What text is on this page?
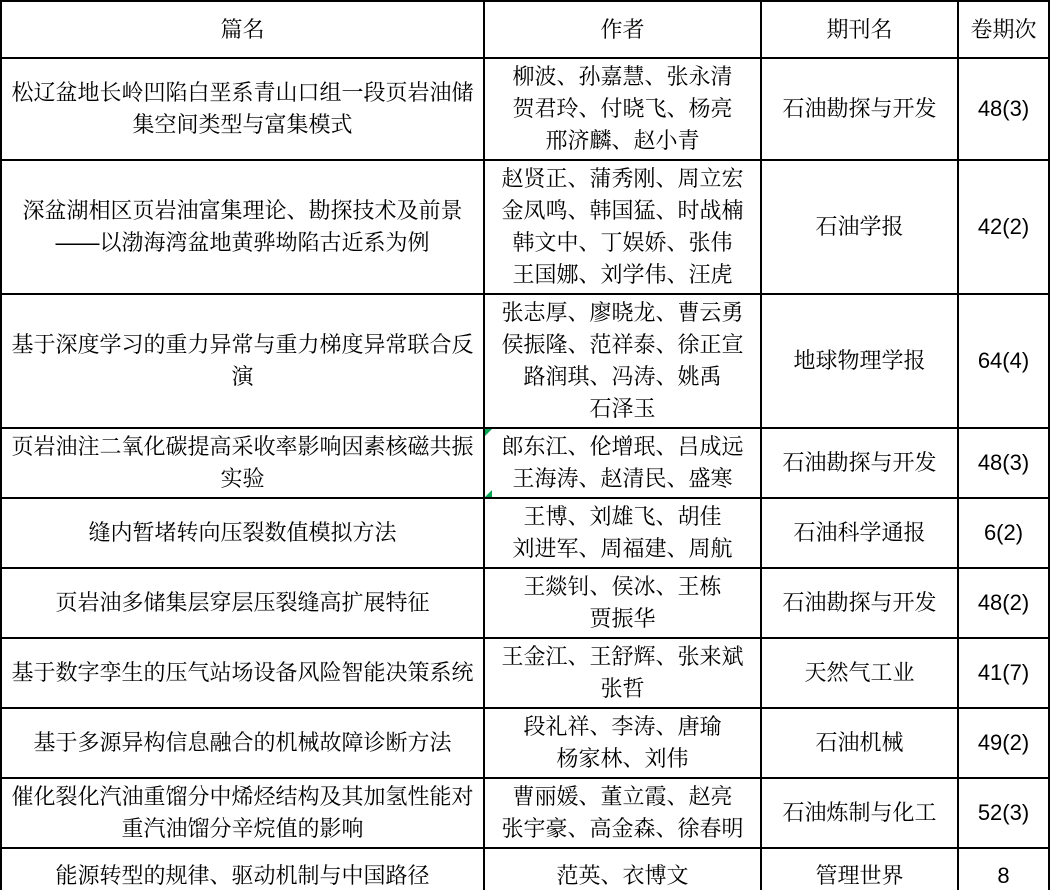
篇名	作者	期刊名	卷期次
松辽盆地长岭凹陷白垩系青山口组一段页岩油储集空间类型与富集模式	柳波、孙嘉慧、张永清
贺君玲、付晓飞、杨亮
邢济麟、赵小青	石油勘探与开发	48(3)
深盆湖相区页岩油富集理论、勘探技术及前景——以渤海湾盆地黄骅坳陷古近系为例	赵贤正、蒲秀刚、周立宏
金凤鸣、韩国猛、时战楠
韩文中、丁娱娇、张伟
王国娜、刘学伟、汪虎	石油学报	42(2)
基于深度学习的重力异常与重力梯度异常联合反演	张志厚、廖晓龙、曹云勇
侯振隆、范祥泰、徐正宣
路润琪、冯涛、姚禹
石泽玉	地球物理学报	64(4)
页岩油注二氧化碳提高采收率影响因素核磁共振实验	郎东江、伦增珉、吕成远
王海涛、赵清民、盛寒	石油勘探与开发	48(3)
缝内暂堵转向压裂数值模拟方法	王博、刘雄飞、胡佳
刘进军、周福建、周航	石油科学通报	6(2)
页岩油多储集层穿层压裂缝高扩展特征	王燚钊、侯冰、王栋
贾振华	石油勘探与开发	48(2)
基于数字孪生的压气站场设备风险智能决策系统	王金江、王舒辉、张来斌
张哲	天然气工业	41(7)
基于多源异构信息融合的机械故障诊断方法	段礼祥、李涛、唐瑜
杨家林、刘伟	石油机械	49(2)
催化裂化汽油重馏分中烯烃结构及其加氢性能对重汽油馏分辛烷值的影响	曹丽媛、董立霞、赵亮
张宇豪、高金森、徐春明	石油炼制与化工	52(3)
能源转型的规律、驱动机制与中国路径	范英、衣博文	管理世界	8
